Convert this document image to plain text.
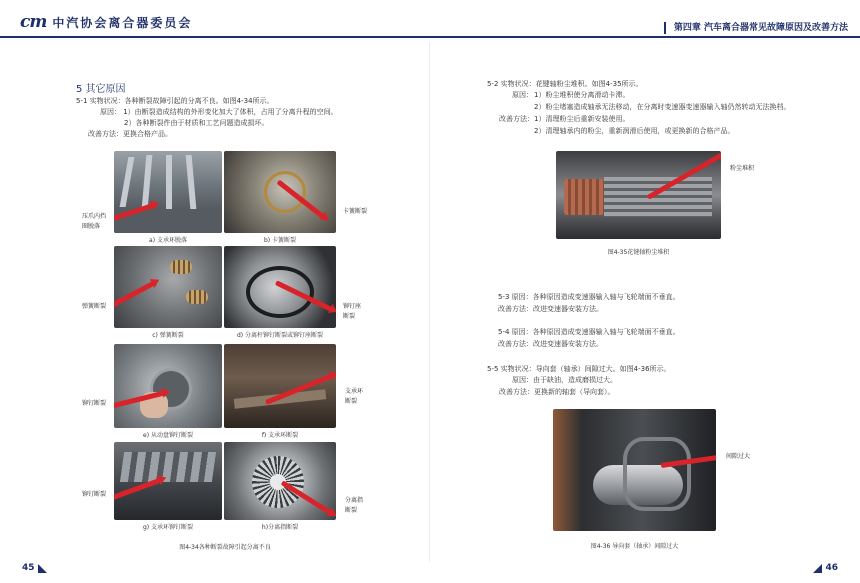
cm 中汽协会离合器委员会	第四章 汽车离合器常见故障原因及改善方法
5 其它原因
5-1 实物状况：各种断裂故障引起的分离不良。如图4-34所示。
原因： 1）由断裂造成结构的外形变化加大了体积，占用了分离升程的空间。
2）各种断裂件由于材质和工艺问题造成损坏。
改善方法：更换合格产品。
压爪内挡
圈脱落
a) 支承环脱落
卡簧断裂
b) 卡簧断裂
弹簧断裂
c) 弹簧断裂
铆钉座
断裂
d) 分离杆铆钉断裂或铆钉座断裂
铆钉断裂
e) 从动盘铆钉断裂
支承环
断裂
f) 支承环断裂
铆钉断裂
g) 支承环铆钉断裂
分离指
断裂
h)分离指断裂
图4-34各种断裂故障引起分离不良
45
5-2 实物状况：花键轴粉尘堆积。如图4-35所示。
原因： 1）粉尘堆积使分离滑动卡滞。
2）粉尘堵塞造成轴承无法移动，在分离时变速器变速器输入轴仍然转动无法换档。
改善方法： 1）清理粉尘后重新安装使用。
2）清理轴承内的粉尘，重新润滑后使用，或更换新的合格产品。
粉尘堆积
图4-35花键轴粉尘堆积
5-3 原因：各种原因造成变速器输入轴与飞轮端面不垂直。
改善方法：改进变速器安装方法。
5-4 原因：各种原因造成变速器输入轴与飞轮端面不垂直。
改善方法：改进变速器安装方法。
5-5 实物状况：导向套（轴承）间隙过大。如图4-36所示。
原因：由于缺油，造成磨损过大。
改善方法：更换新的轴套（导向套）。
间隙过大
图4-36 导向套（轴承）间隙过大
46
